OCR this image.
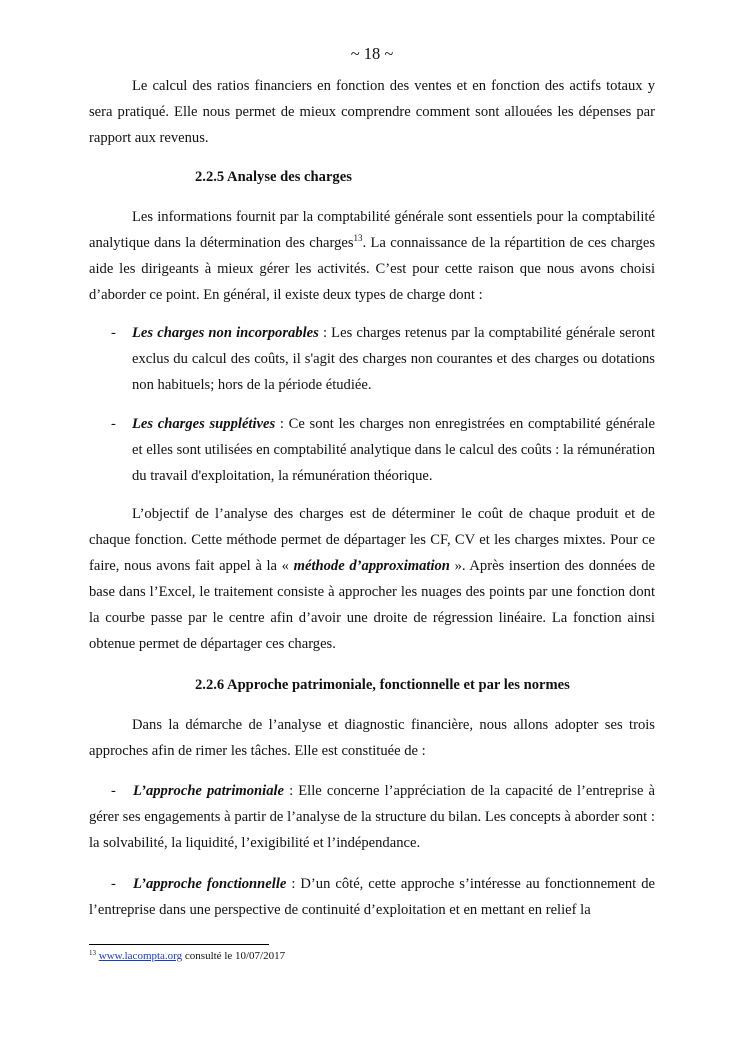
~ 18 ~

Le calcul des ratios financiers en fonction des ventes et en fonction des actifs totaux y sera pratiqué. Elle nous permet de mieux comprendre comment sont allouées les dépenses par rapport aux revenus.

2.2.5 Analyse des charges

Les informations fournit par la comptabilité générale sont essentiels pour la comptabilité analytique dans la détermination des charges$^{13}$. La connaissance de la répartition de ces charges aide les dirigeants à mieux gérer les activités. C’est pour cette raison que nous avons choisi d’aborder ce point. En général, il existe deux types de charge dont :

- Les charges non incorporables : Les charges retenus par la comptabilité générale seront exclus du calcul des coûts, il s'agit des charges non courantes et des charges ou dotations non habituels; hors de la période étudiée.

- Les charges supplétives : Ce sont les charges non enregistrées en comptabilité générale et elles sont utilisées en comptabilité analytique dans le calcul des coûts : la rémunération du travail d'exploitation, la rémunération théorique.

L’objectif de l’analyse des charges est de déterminer le coût de chaque produit et de chaque fonction. Cette méthode permet de départager les CF, CV et les charges mixtes. Pour ce faire, nous avons fait appel à la « méthode d’approximation ». Après insertion des données de base dans l’Excel, le traitement consiste à approcher les nuages des points par une fonction dont la courbe passe par le centre afin d’avoir une droite de régression linéaire. La fonction ainsi obtenue permet de départager ces charges.

2.2.6 Approche patrimoniale, fonctionnelle et par les normes

Dans la démarche de l’analyse et diagnostic financière, nous allons adopter ses trois approches afin de rimer les tâches. Elle est constituée de :

- L’approche patrimoniale : Elle concerne l’appréciation de la capacité de l’entreprise à gérer ses engagements à partir de l’analyse de la structure du bilan. Les concepts à aborder sont : la solvabilité, la liquidité, l’exigibilité et l’indépendance.

- L’approche fonctionnelle : D’un côté, cette approche s’intéresse au fonctionnement de l’entreprise dans une perspective de continuité d’exploitation et en mettant en relief la

$^{13}$ www.lacompta.org consulté le 10/07/2017
